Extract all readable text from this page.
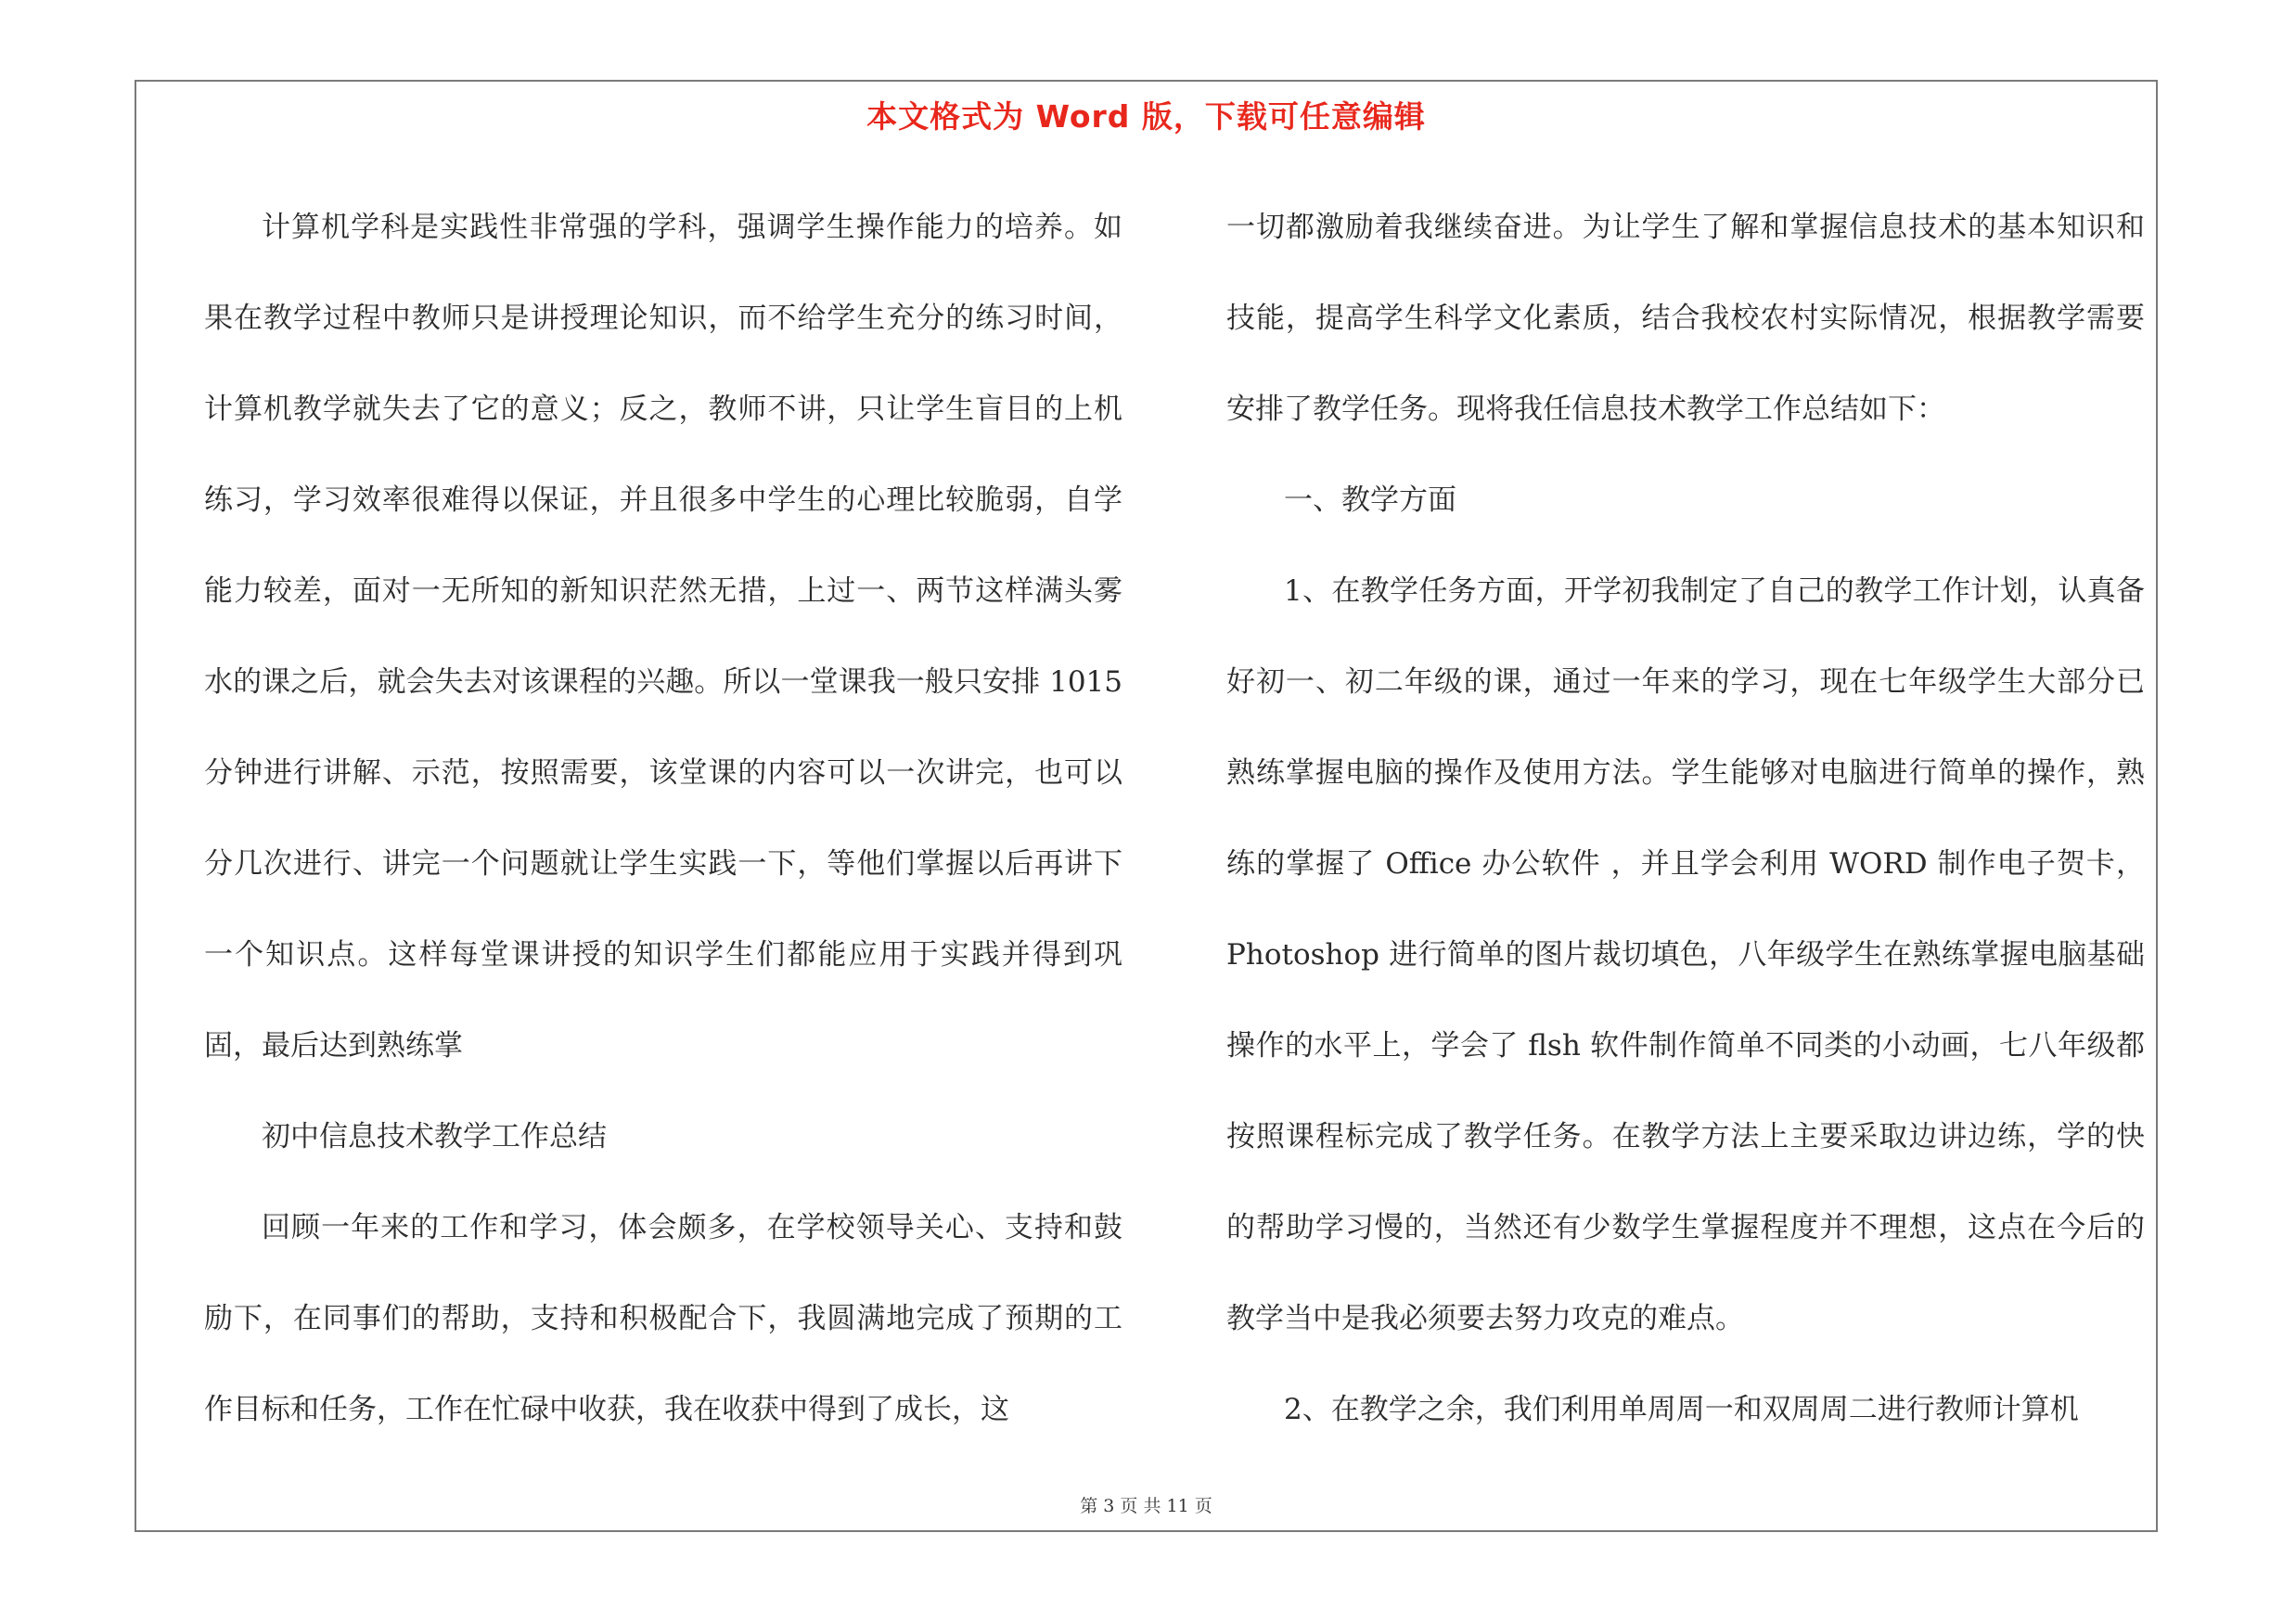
本文格式为 Word 版，下载可任意编辑

计算机学科是实践性非常强的学科，强调学生操作能力的培养。如果在教学过程中教师只是讲授理论知识，而不给学生充分的练习时间，计算机教学就失去了它的意义；反之，教师不讲，只让学生盲目的上机练习，学习效率很难得以保证，并且很多中学生的心理比较脆弱，自学能力较差，面对一无所知的新知识茫然无措，上过一、两节这样满头雾水的课之后，就会失去对该课程的兴趣。所以一堂课我一般只安排 1015 分钟进行讲解、示范，按照需要，该堂课的内容可以一次讲完，也可以分几次进行、讲完一个问题就让学生实践一下，等他们掌握以后再讲下一个知识点。这样每堂课讲授的知识学生们都能应用于实践并得到巩固，最后达到熟练掌

初中信息技术教学工作总结

回顾一年来的工作和学习，体会颇多，在学校领导关心、支持和鼓励下，在同事们的帮助，支持和积极配合下，我圆满地完成了预期的工作目标和任务，工作在忙碌中收获，我在收获中得到了成长，这

一切都激励着我继续奋进。为让学生了解和掌握信息技术的基本知识和技能，提高学生科学文化素质，结合我校农村实际情况，根据教学需要安排了教学任务。现将我任信息技术教学工作总结如下：

一、教学方面

1、在教学任务方面，开学初我制定了自己的教学工作计划，认真备好初一、初二年级的课，通过一年来的学习，现在七年级学生大部分已熟练掌握电脑的操作及使用方法。学生能够对电脑进行简单的操作，熟练的掌握了 Office 办公软件 ，并且学会利用 WORD 制作电子贺卡，Photoshop 进行简单的图片裁切填色，八年级学生在熟练掌握电脑基础操作的水平上，学会了 flsh 软件制作简单不同类的小动画，七八年级都按照课程标完成了教学任务。在教学方法上主要采取边讲边练，学的快的帮助学习慢的，当然还有少数学生掌握程度并不理想，这点在今后的教学当中是我必须要去努力攻克的难点。

2、在教学之余，我们利用单周周一和双周周二进行教师计算机

第 3 页 共 11 页
